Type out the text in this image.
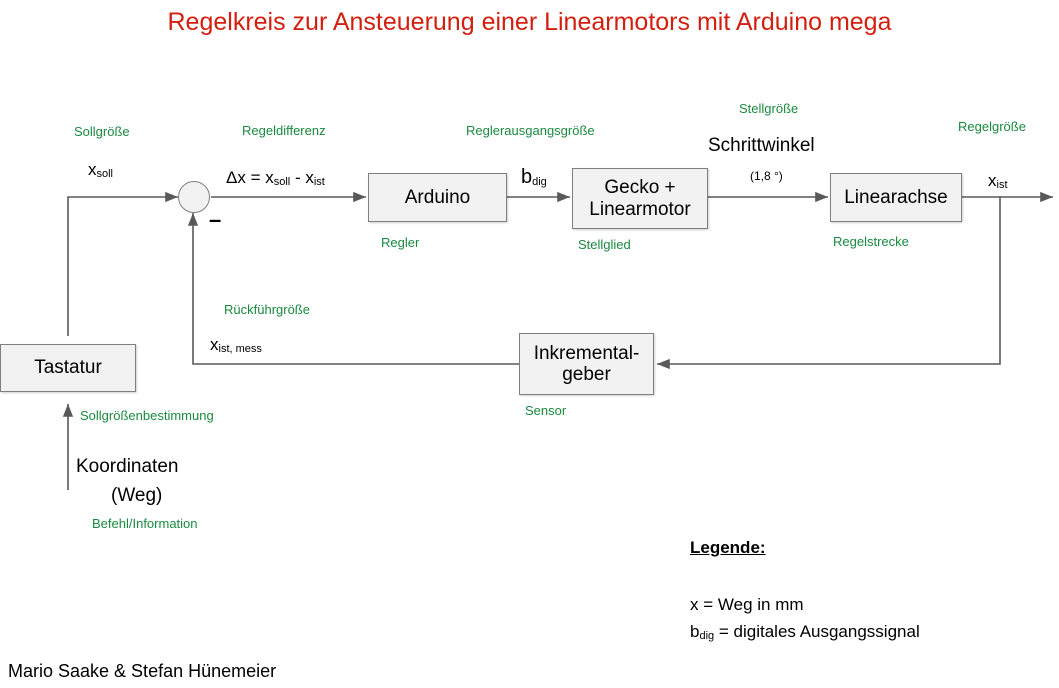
Regelkreis zur Ansteuerung einer Linearmotors mit Arduino mega
Tastatur
Arduino	Gecko +
Linearmotor
Linearachse
Inkremental-
geber
–
Sollgröße	Regeldifferenz	Reglerausgangsgröße
Stellgröße
Regelgröße
Regler	Stellglied	Regelstrecke
Sensor
Rückführgröße
Sollgrößenbestimmung
Befehl/Information
xsoll	Δx = xsoll - xist	bdig
Schrittwinkel
(1,8 °)	xist
xist, mess
Koordinaten
(Weg)
Legende:
x = Weg in mm
bdig = digitales Ausgangssignal
Mario Saake & Stefan Hünemeier
